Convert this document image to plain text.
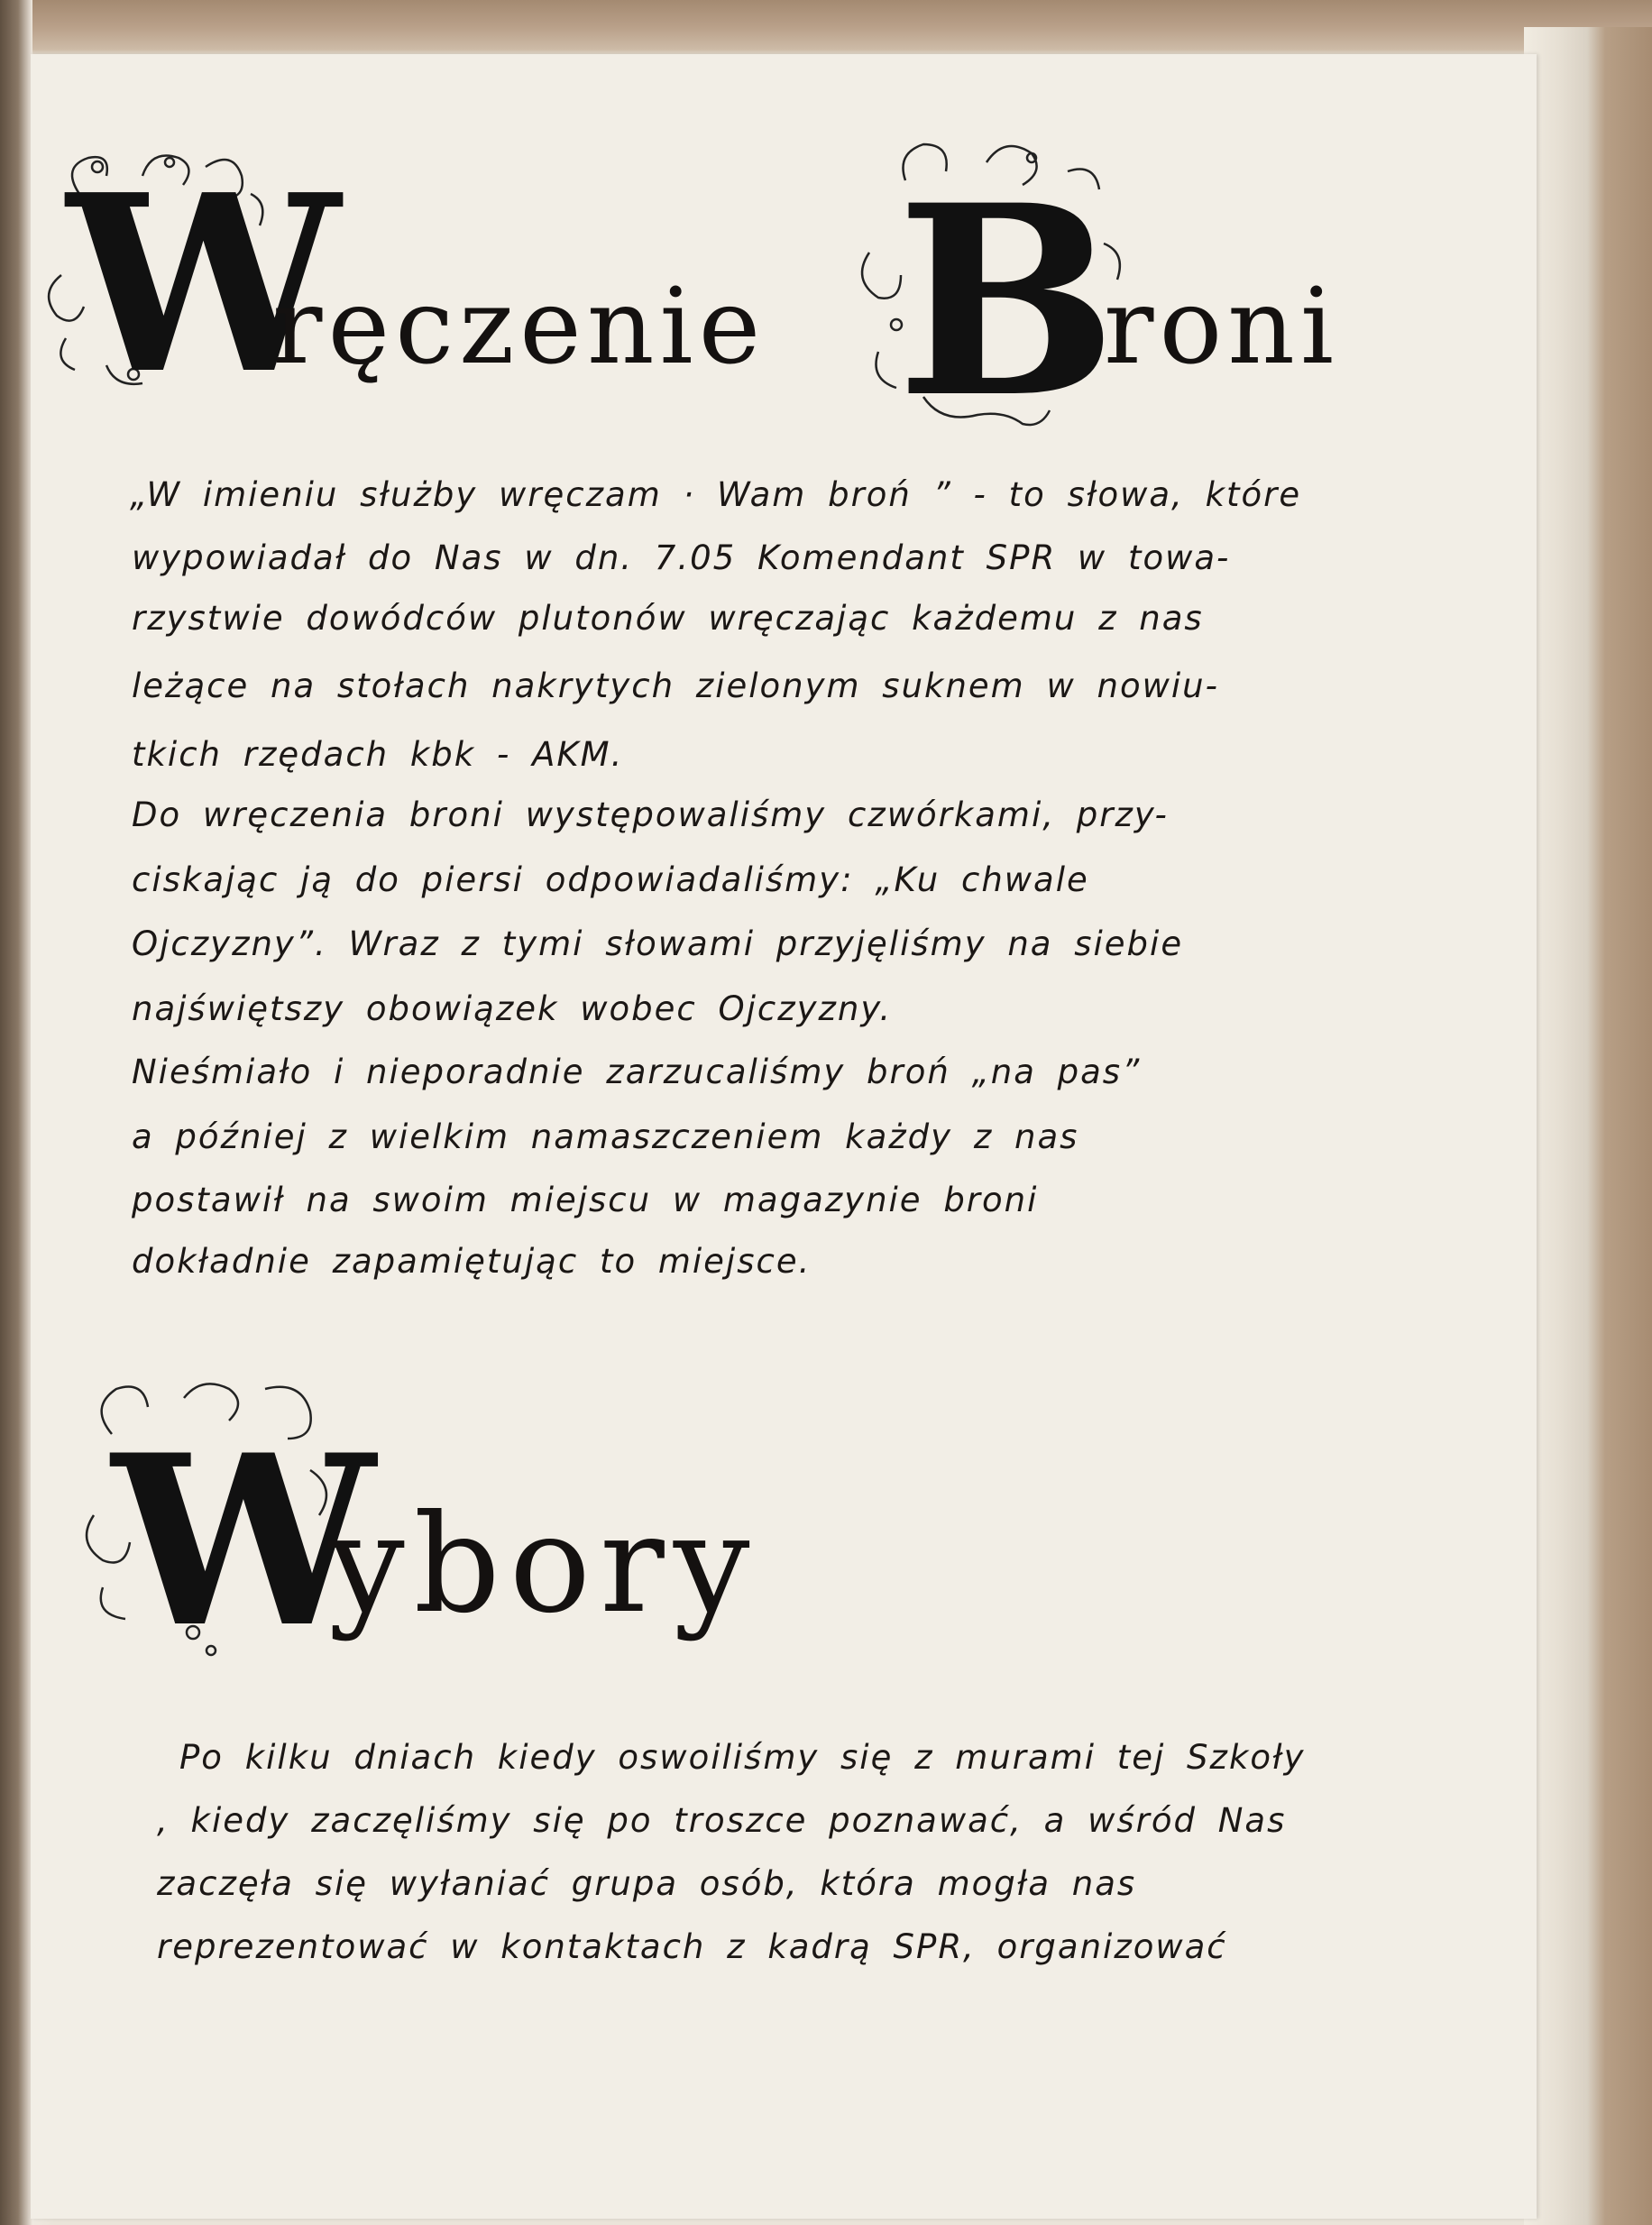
W
ręczenie B
roni
„W imieniu służby wręczam · Wam broń ” - to słowa, które
wypowiadał do Nas w dn. 7.05 Komendant SPR w towa-
rzystwie dowódców plutonów wręczając każdemu z nas
leżące na stołach nakrytych zielonym suknem w nowiu-
tkich rzędach kbk - AKM.
Do wręczenia broni występowaliśmy czwórkami, przy-
ciskając ją do piersi odpowiadaliśmy: „Ku chwale
Ojczyzny”. Wraz z tymi słowami przyjęliśmy na siebie
najświętszy obowiązek wobec Ojczyzny.
Nieśmiało i nieporadnie zarzucaliśmy broń „na pas”
a później z wielkim namaszczeniem każdy z nas
postawił na swoim miejscu w magazynie broni
dokładnie zapamiętując to miejsce.
W
ybory
Po kilku dniach kiedy oswoiliśmy się z murami tej Szkoły
, kiedy zaczęliśmy się po troszce poznawać, a wśród Nas
zaczęła się wyłaniać grupa osób, która mogła nas
reprezentować w kontaktach z kadrą SPR, organizować
